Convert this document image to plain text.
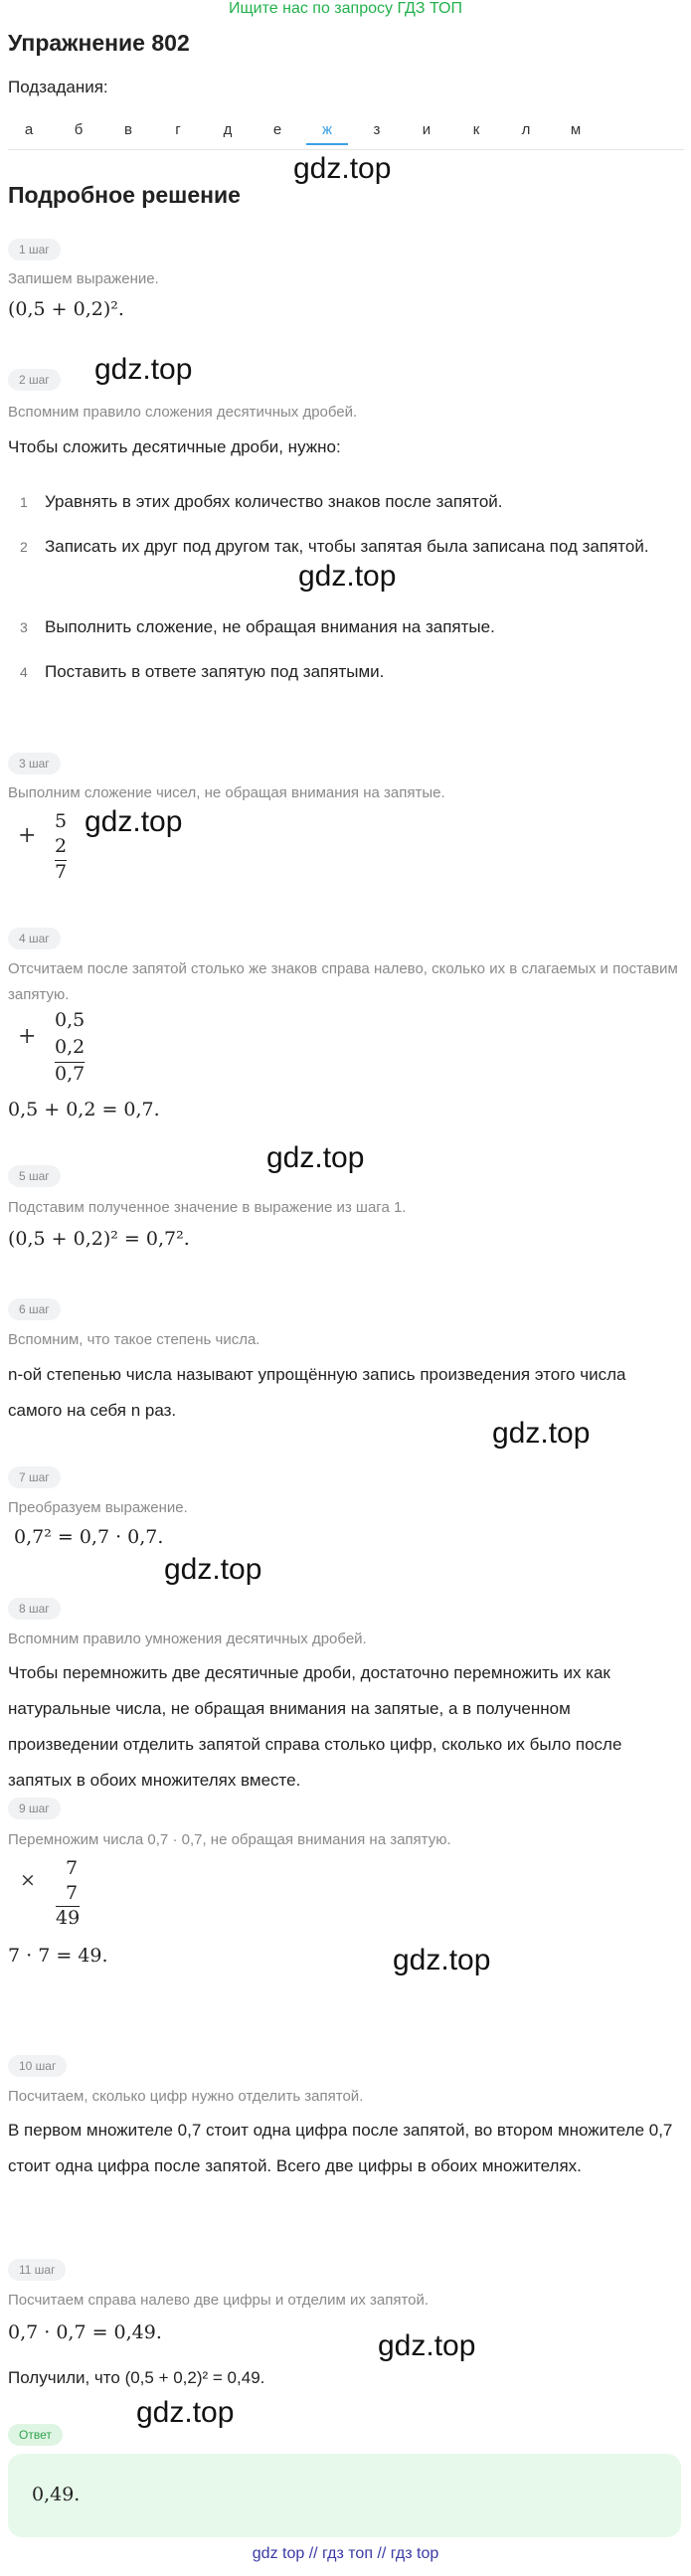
Ищите нас по запросу ГДЗ ТОП
Упражнение 802
Подзадания:
а	б	в	г	д	е	ж	з	и	к	л	м
Подробное решение
gdz.top
gdz.top
gdz.top
gdz.top
gdz.top
gdz.top
gdz.top
gdz.top
gdz.top
gdz.top
1 шаг
Запишем выражение.
(0,5 + 0,2)².
2 шаг
Вспомним правило сложения десятичных дробей.
Чтобы сложить десятичные дроби, нужно:
1 Уравнять в этих дробях количество знаков после запятой.
2 Записать их друг под другом так, чтобы запятая была записана под запятой.
3 Выполнить сложение, не обращая внимания на запятые.
4 Поставить в ответе запятую под запятыми.
3 шаг
Выполним сложение чисел, не обращая внимания на запятые.
+
5
2
7
4 шаг
Отсчитаем после запятой столько же знаков справа налево, сколько их в слагаемых и поставим запятую.
+
0,5
0,2
0,7
0,5 + 0,2 = 0,7.
5 шаг
Подставим полученное значение в выражение из шага 1.
(0,5 + 0,2)² = 0,7².
6 шаг
Вспомним, что такое степень числа.
n-ой степенью числа называют упрощённую запись произведения этого числа самого на себя n раз.
7 шаг
Преобразуем выражение.
0,7² = 0,7 · 0,7.
8 шаг
Вспомним правило умножения десятичных дробей.
Чтобы перемножить две десятичные дроби, достаточно перемножить их как натуральные числа, не обращая внимания на запятые, а в полученном произведении отделить запятой справа столько цифр, сколько их было после запятых в обоих множителях вместе.
9 шаг
Перемножим числа 0,7 · 0,7, не обращая внимания на запятую.
×
7
7
49
7 · 7 = 49.
10 шаг
Посчитаем, сколько цифр нужно отделить запятой.
В первом множителе 0,7 стоит одна цифра после запятой, во втором множителе 0,7 стоит одна цифра после запятой. Всего две цифры в обоих множителях.
11 шаг
Посчитаем справа налево две цифры и отделим их запятой.
0,7 · 0,7 = 0,49.
Получили, что (0,5 + 0,2)² = 0,49.
Ответ
0,49.
gdz top // гдз топ // гдз top
